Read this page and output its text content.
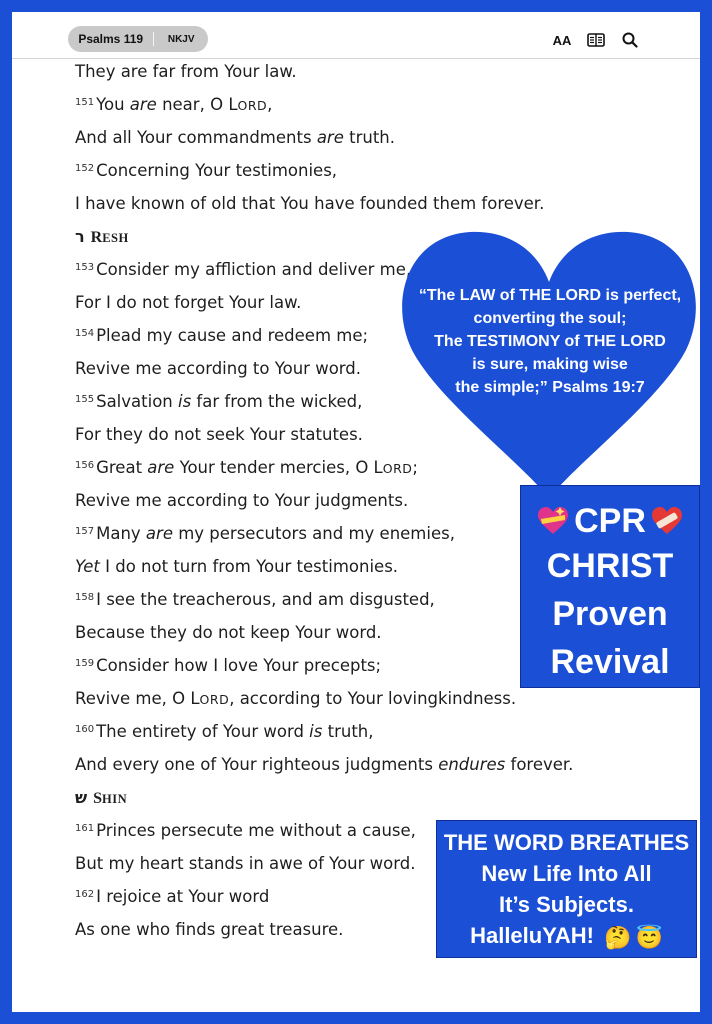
Psalms 119	NKJV	AA
They are far from Your law.
$^{151}$ You are near, O LORD,
And all Your commandments are truth.
$^{152}$ Concerning Your testimonies,
I have known of old that You have founded them forever.
ר RESH
$^{153}$ Consider my affliction and deliver me,
For I do not forget Your law.
$^{154}$ Plead my cause and redeem me;
Revive me according to Your word.
$^{155}$ Salvation is far from the wicked,
For they do not seek Your statutes.
$^{156}$ Great are Your tender mercies, O LORD;
Revive me according to Your judgments.
$^{157}$ Many are my persecutors and my enemies,
Yet I do not turn from Your testimonies.
$^{158}$ I see the treacherous, and am disgusted,
Because they do not keep Your word.
$^{159}$ Consider how I love Your precepts;
Revive me, O LORD, according to Your lovingkindness.
$^{160}$ The entirety of Your word is truth,
And every one of Your righteous judgments endures forever.
ש SHIN
$^{161}$ Princes persecute me without a cause,
But my heart stands in awe of Your word.
$^{162}$ I rejoice at Your word
As one who finds great treasure.
“The LAW of THE LORD is perfect,
converting the soul;
The TESTIMONY of THE LORD
is sure, making wise
the simple;” Psalms 19:7
CPR
CHRIST
Proven
Revival
THE WORD BREATHES
New Life Into All
It’s Subjects.
HalleluYAH! 🤔 😇
